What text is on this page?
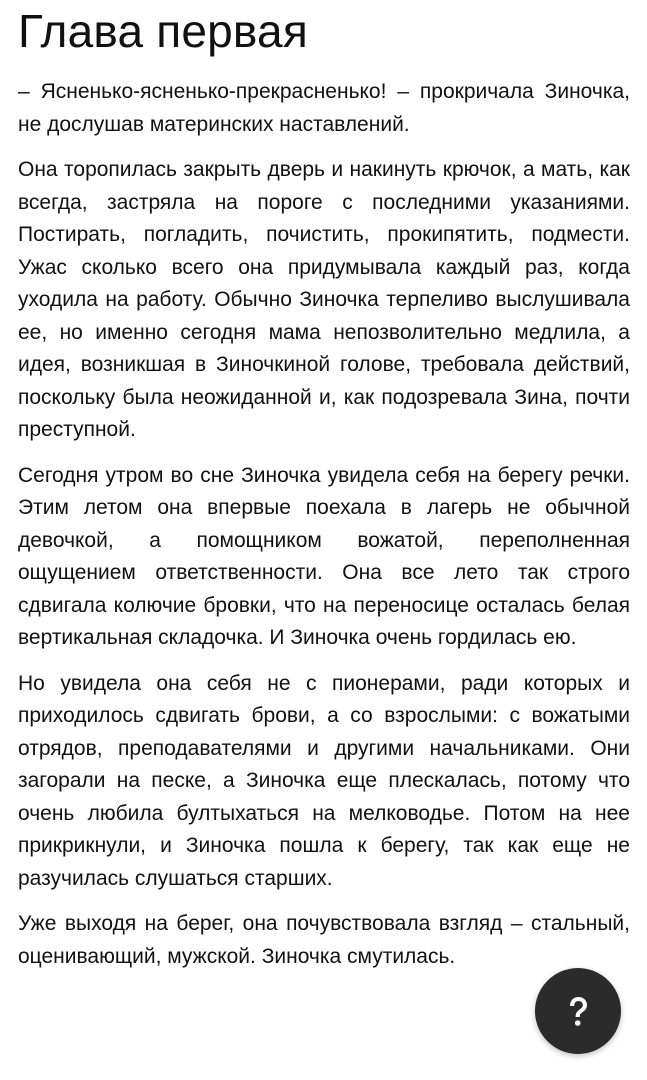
Глава первая

– Ясненько-ясненько-прекрасненько! – прокричала Зиночка, не дослушав материнских наставлений.

Она торопилась закрыть дверь и накинуть крючок, а мать, как всегда, застряла на пороге с последними указаниями. Постирать, погладить, почистить, прокипятить, подмести. Ужас сколько всего она придумывала каждый раз, когда уходила на работу. Обычно Зиночка терпеливо выслушивала ее, но именно сегодня мама непозволительно медлила, а идея, возникшая в Зиночкиной голове, требовала действий, поскольку была неожиданной и, как подозревала Зина, почти преступной.

Сегодня утром во сне Зиночка увидела себя на берегу речки. Этим летом она впервые поехала в лагерь не обычной девочкой, а помощником вожатой, переполненная ощущением ответственности. Она все лето так строго сдвигала колючие бровки, что на переносице осталась белая вертикальная складочка. И Зиночка очень гордилась ею.

Но увидела она себя не с пионерами, ради которых и приходилось сдвигать брови, а со взрослыми: с вожатыми отрядов, преподавателями и другими начальниками. Они загорали на песке, а Зиночка еще плескалась, потому что очень любила бултыхаться на мелководье. Потом на нее прикрикнули, и Зиночка пошла к берегу, так как еще не разучилась слушаться старших.

Уже выходя на берег, она почувствовала взгляд – стальный, оценивающий, мужской. Зиночка смутилась.
